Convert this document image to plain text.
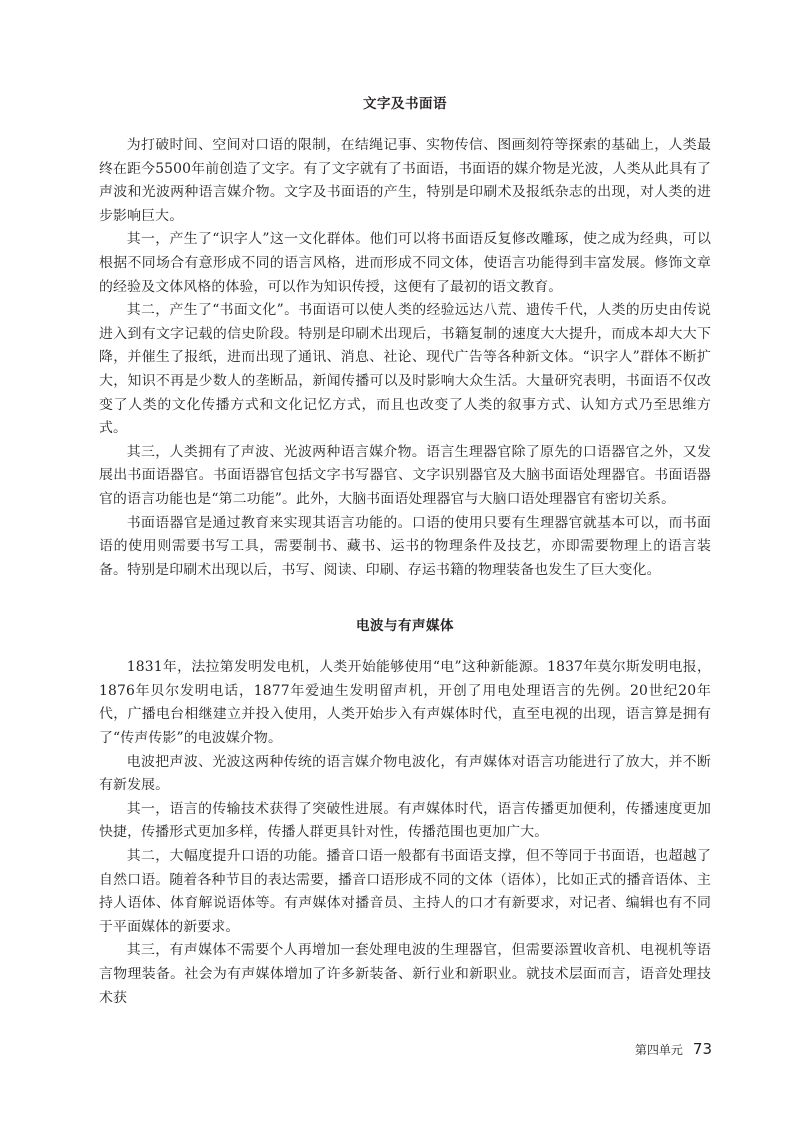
文字及书面语

为打破时间、空间对口语的限制，在结绳记事、实物传信、图画刻符等探索的基础上，人类最终在距今5500年前创造了文字。有了文字就有了书面语，书面语的媒介物是光波，人类从此具有了声波和光波两种语言媒介物。文字及书面语的产生，特别是印刷术及报纸杂志的出现，对人类的进步影响巨大。

其一，产生了“识字人”这一文化群体。他们可以将书面语反复修改雕琢，使之成为经典，可以根据不同场合有意形成不同的语言风格，进而形成不同文体，使语言功能得到丰富发展。修饰文章的经验及文体风格的体验，可以作为知识传授，这便有了最初的语文教育。

其二，产生了“书面文化”。书面语可以使人类的经验远达八荒、遗传千代，人类的历史由传说进入到有文字记载的信史阶段。特别是印刷术出现后，书籍复制的速度大大提升，而成本却大大下降，并催生了报纸，进而出现了通讯、消息、社论、现代广告等各种新文体。“识字人”群体不断扩大，知识不再是少数人的垄断品，新闻传播可以及时影响大众生活。大量研究表明，书面语不仅改变了人类的文化传播方式和文化记忆方式，而且也改变了人类的叙事方式、认知方式乃至思维方式。

其三，人类拥有了声波、光波两种语言媒介物。语言生理器官除了原先的口语器官之外，又发展出书面语器官。书面语器官包括文字书写器官、文字识别器官及大脑书面语处理器官。书面语器官的语言功能也是“第二功能”。此外，大脑书面语处理器官与大脑口语处理器官有密切关系。

书面语器官是通过教育来实现其语言功能的。口语的使用只要有生理器官就基本可以，而书面语的使用则需要书写工具，需要制书、藏书、运书的物理条件及技艺，亦即需要物理上的语言装备。特别是印刷术出现以后，书写、阅读、印刷、存运书籍的物理装备也发生了巨大变化。

电波与有声媒体

1831年，法拉第发明发电机，人类开始能够使用“电”这种新能源。1837年莫尔斯发明电报，1876年贝尔发明电话，1877年爱迪生发明留声机，开创了用电处理语言的先例。20世纪20年代，广播电台相继建立并投入使用，人类开始步入有声媒体时代，直至电视的出现，语言算是拥有了“传声传影”的电波媒介物。

电波把声波、光波这两种传统的语言媒介物电波化，有声媒体对语言功能进行了放大，并不断有新发展。

其一，语言的传输技术获得了突破性进展。有声媒体时代，语言传播更加便利，传播速度更加快捷，传播形式更加多样，传播人群更具针对性，传播范围也更加广大。

其二，大幅度提升口语的功能。播音口语一般都有书面语支撑，但不等同于书面语，也超越了自然口语。随着各种节目的表达需要，播音口语形成不同的文体（语体），比如正式的播音语体、主持人语体、体育解说语体等。有声媒体对播音员、主持人的口才有新要求，对记者、编辑也有不同于平面媒体的新要求。

其三，有声媒体不需要个人再增加一套处理电波的生理器官，但需要添置收音机、电视机等语言物理装备。社会为有声媒体增加了许多新装备、新行业和新职业。就技术层面而言，语音处理技术获

第四单元 73
